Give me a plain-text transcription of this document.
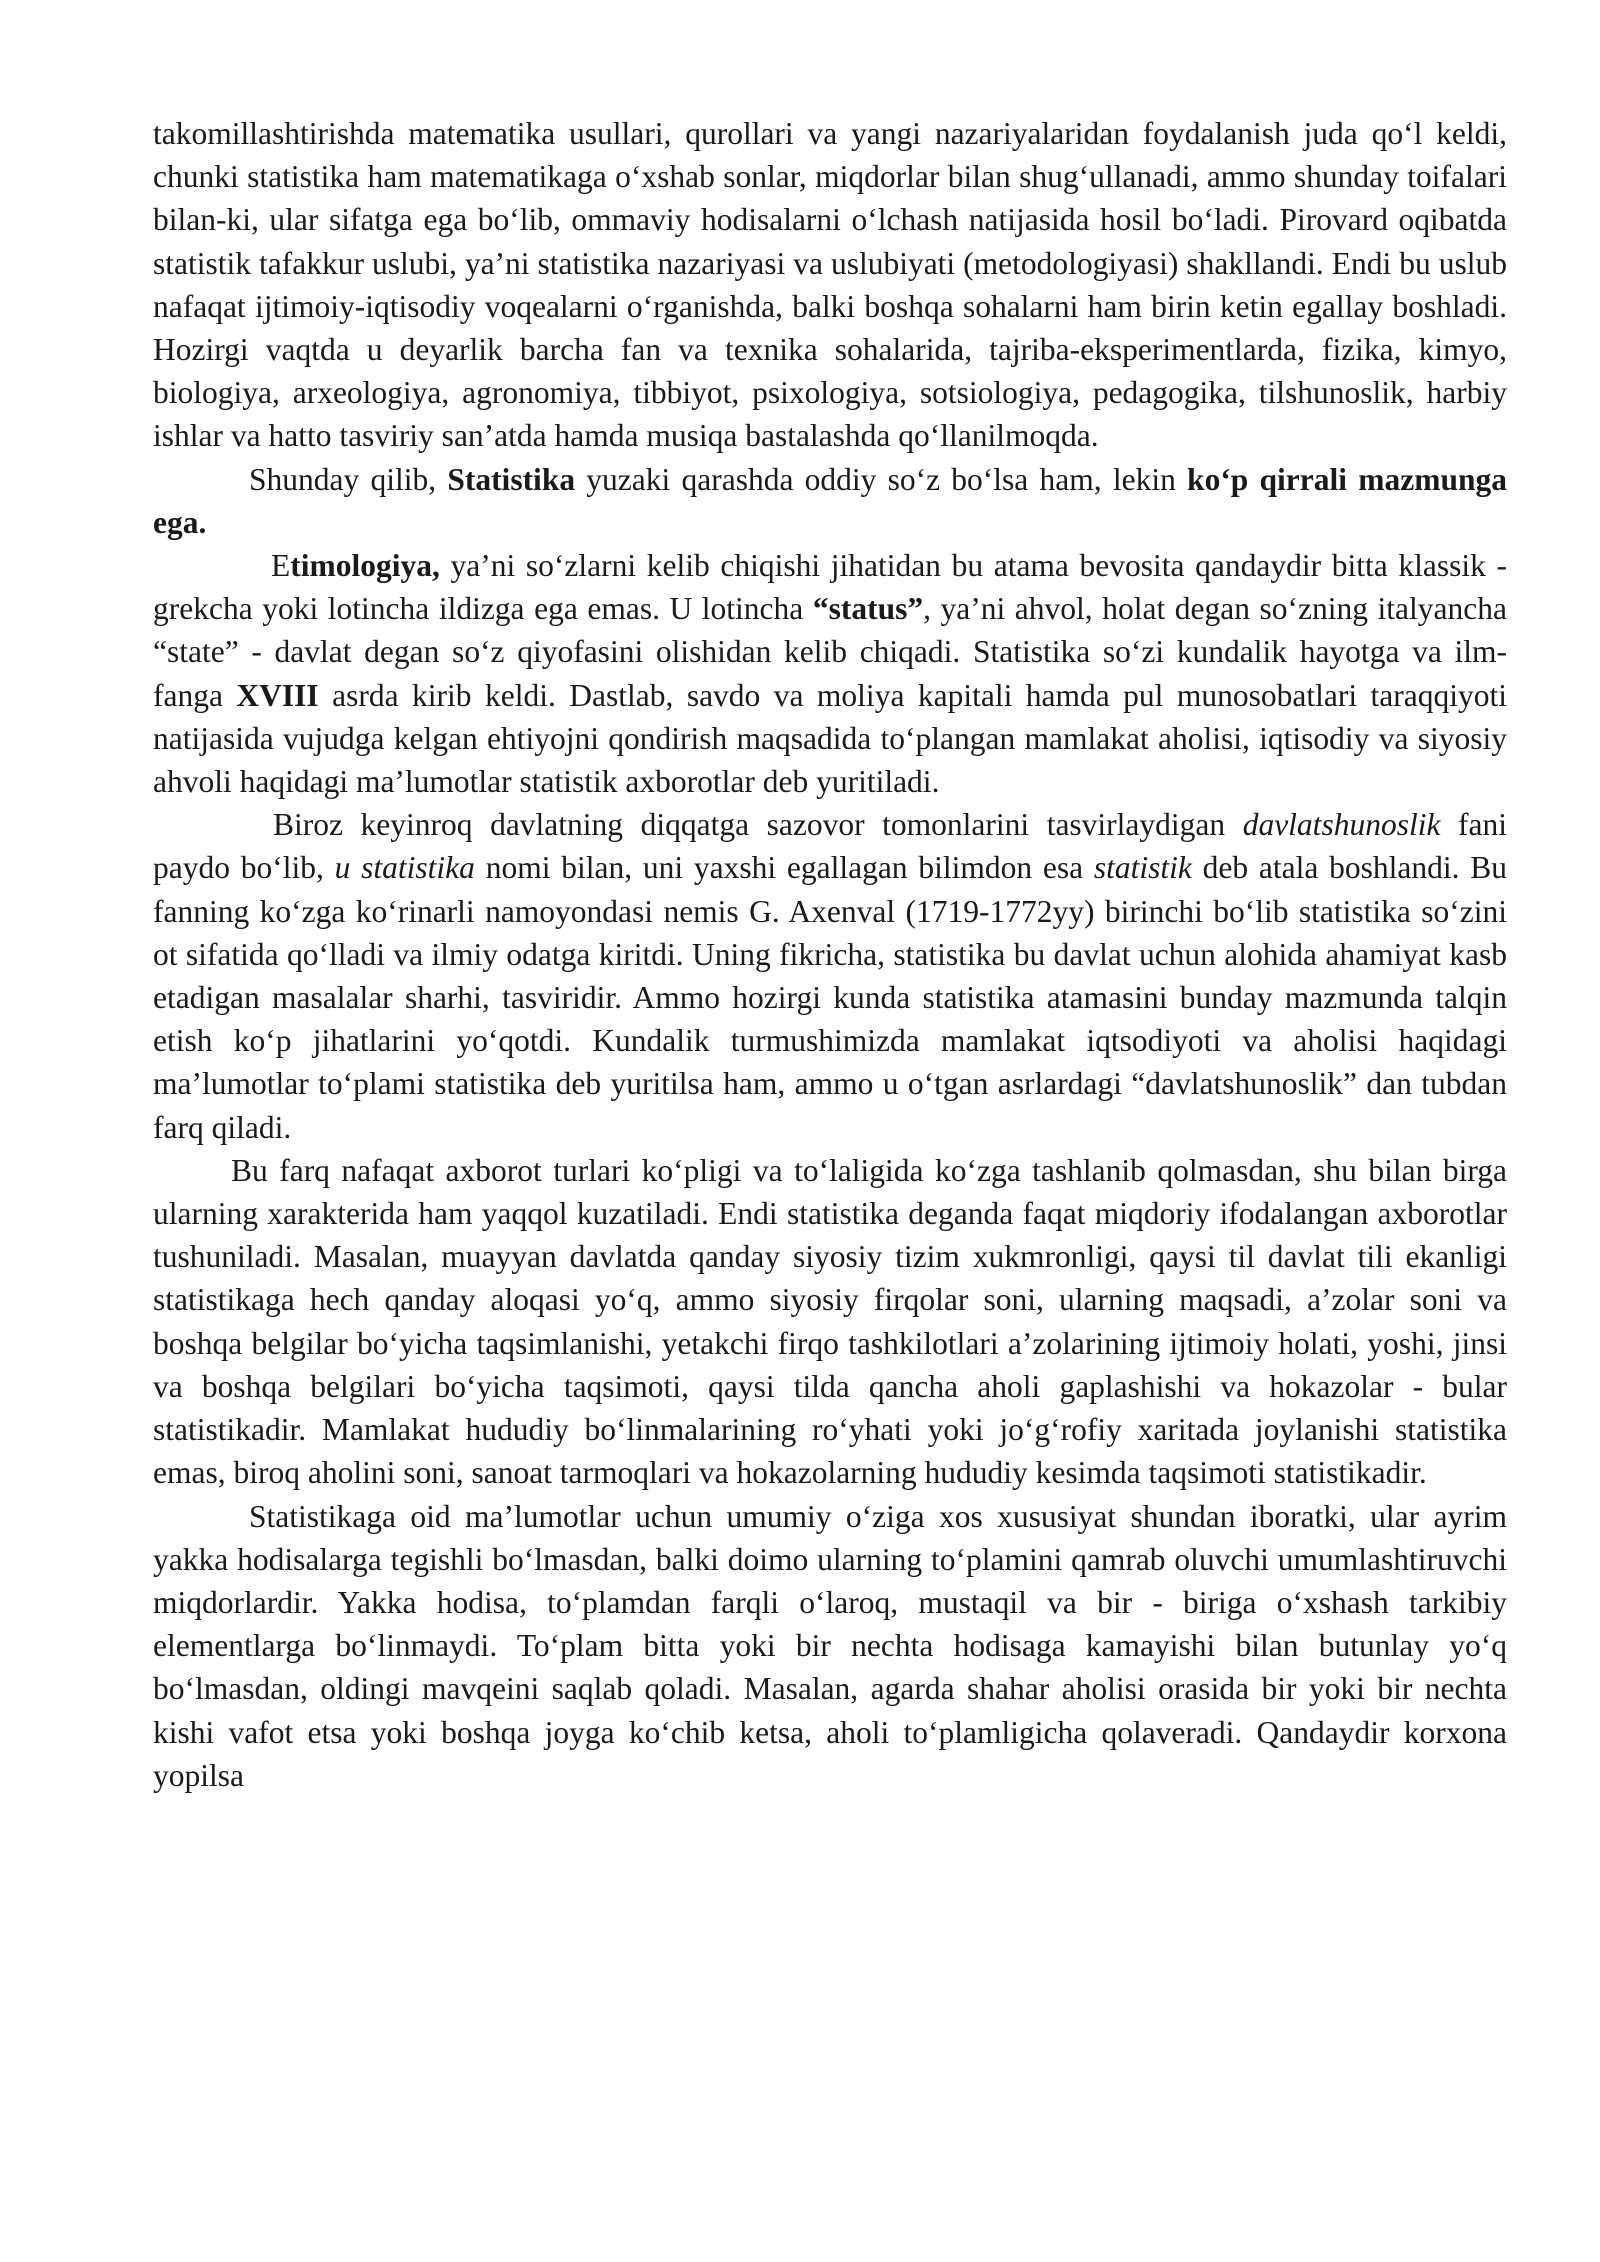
takomillashtirishda matematika usullari, qurollari va yangi nazariyalaridan foydalanish juda qo‘l keldi, chunki statistika ham matematikaga o‘xshab sonlar, miqdorlar bilan shug‘ullanadi, ammo shunday toifalari bilan-ki, ular sifatga ega bo‘lib, ommaviy hodisalarni o‘lchash natijasida hosil bo‘ladi. Pirovard oqibatda statistik tafakkur uslubi, ya’ni statistika nazariyasi va uslubiyati (metodologiyasi) shakllandi. Endi bu uslub nafaqat ijtimoiy-iqtisodiy voqealarni o‘rganishda, balki boshqa sohalarni ham birin ketin egallay boshladi. Hozirgi vaqtda u deyarlik barcha fan va texnika sohalarida, tajriba-eksperimentlarda, fizika, kimyo, biologiya, arxeologiya, agronomiya, tibbiyot, psixologiya, sotsiologiya, pedagogika, tilshunoslik, harbiy ishlar va hatto tasviriy san’atda hamda musiqa bastalashda qo‘llanilmoqda.

Shunday qilib, Statistika yuzaki qarashda oddiy so‘z bo‘lsa ham, lekin ko‘p qirrali mazmunga ega.

Etimologiya, ya’ni so‘zlarni kelib chiqishi jihatidan bu atama bevosita qandaydir bitta klassik - grekcha yoki lotincha ildizga ega emas. U lotincha “status”, ya’ni ahvol, holat degan so‘zning italyancha “state” - davlat degan so‘z qiyofasini olishidan kelib chiqadi. Statistika so‘zi kundalik hayotga va ilm-fanga XVIII asrda kirib keldi. Dastlab, savdo va moliya kapitali hamda pul munosobatlari taraqqiyoti natijasida vujudga kelgan ehtiyojni qondirish maqsadida to‘plangan mamlakat aholisi, iqtisodiy va siyosiy ahvoli haqidagi ma’lumotlar statistik axborotlar deb yuritiladi.

Biroz keyinroq davlatning diqqatga sazovor tomonlarini tasvirlaydigan davlatshunoslik fani paydo bo‘lib, u statistika nomi bilan, uni yaxshi egallagan bilimdon esa statistik deb atala boshlandi. Bu fanning ko‘zga ko‘rinarli namoyondasi nemis G. Axenval (1719-1772yy) birinchi bo‘lib statistika so‘zini ot sifatida qo‘lladi va ilmiy odatga kiritdi. Uning fikricha, statistika bu davlat uchun alohida ahamiyat kasb etadigan masalalar sharhi, tasviridir. Ammo hozirgi kunda statistika atamasini bunday mazmunda talqin etish ko‘p jihatlarini yo‘qotdi. Kundalik turmushimizda mamlakat iqtsodiyoti va aholisi haqidagi ma’lumotlar to‘plami statistika deb yuritilsa ham, ammo u o‘tgan asrlardagi “davlatshunoslik” dan tubdan farq qiladi.

Bu farq nafaqat axborot turlari ko‘pligi va to‘laligida ko‘zga tashlanib qolmasdan, shu bilan birga ularning xarakterida ham yaqqol kuzatiladi. Endi statistika deganda faqat miqdoriy ifodalangan axborotlar tushuniladi. Masalan, muayyan davlatda qanday siyosiy tizim xukmronligi, qaysi til davlat tili ekanligi statistikaga hech qanday aloqasi yo‘q, ammo siyosiy firqolar soni, ularning maqsadi, a’zolar soni va boshqa belgilar bo‘yicha taqsimlanishi, yetakchi firqo tashkilotlari a’zolarining ijtimoiy holati, yoshi, jinsi va boshqa belgilari bo‘yicha taqsimoti, qaysi tilda qancha aholi gaplashishi va hokazolar - bular statistikadir. Mamlakat hududiy bo‘linmalarining ro‘yhati yoki jo‘g‘rofiy xaritada joylanishi statistika emas, biroq aholini soni, sanoat tarmoqlari va hokazolarning hududiy kesimda taqsimoti statistikadir.

Statistikaga oid ma’lumotlar uchun umumiy o‘ziga xos xususiyat shundan iboratki, ular ayrim yakka hodisalarga tegishli bo‘lmasdan, balki doimo ularning to‘plamini qamrab oluvchi umumlashtiruvchi miqdorlardir. Yakka hodisa, to‘plamdan farqli o‘laroq, mustaqil va bir - biriga o‘xshash tarkibiy elementlarga bo‘linmaydi. To‘plam bitta yoki bir nechta hodisaga kamayishi bilan butunlay yo‘q bo‘lmasdan, oldingi mavqeini saqlab qoladi. Masalan, agarda shahar aholisi orasida bir yoki bir nechta kishi vafot etsa yoki boshqa joyga ko‘chib ketsa, aholi to‘plamligicha qolaveradi. Qandaydir korxona yopilsa
